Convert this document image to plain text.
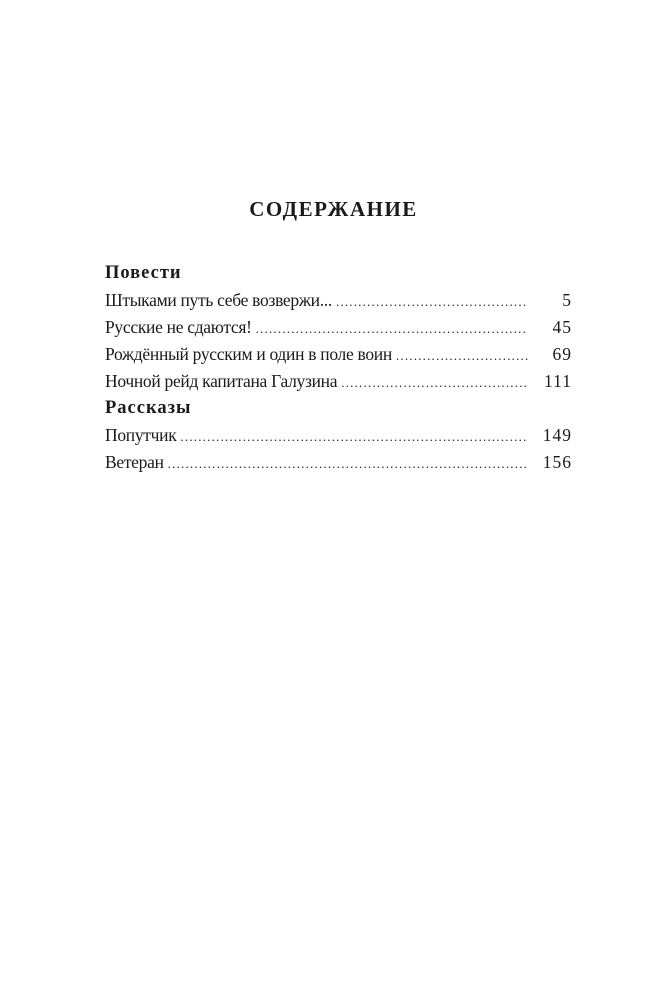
СОДЕРЖАНИЕ
Повести
Штыками путь себе возвержи... .....	5
Русские не сдаются! .....	45
Рождённый русским и один в поле воин .....	69
Ночной рейд капитана Галузина .....	111
Рассказы
Попутчик .....	149
Ветеран .....	156
